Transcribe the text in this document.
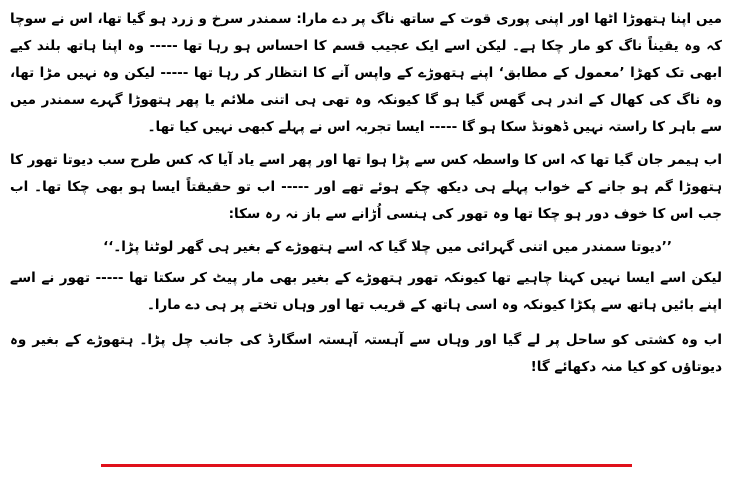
میں اپنا ہتھوڑا اٹھا اور اپنی پوری قوت کے ساتھ ناگ پر دے مارا: سمندر سرخ و زرد ہو گیا تھا، اس نے سوچا کہ وہ یقیناً ناگ کو مار چکا ہے۔ لیکن اسے ایک عجیب قسم کا احساس ہو رہا تھا ----- وہ اپنا ہاتھ بلند کیے ابھی تک کھڑا ’معمول کے مطابق‘ اپنے ہتھوڑے کے واپس آنے کا انتظار کر رہا تھا ----- لیکن وہ نہیں مڑا تھا، وہ ناگ کی کھال کے اندر ہی گھس گیا ہو گا کیونکہ وہ تھی ہی اتنی ملائم یا پھر ہتھوڑا گہرے سمندر میں سے باہر کا راستہ نہیں ڈھونڈ سکا ہو گا ----- ایسا تجربہ اس نے پہلے کبھی نہیں کیا تھا۔

اب ہیمر جان گیا تھا کہ اس کا واسطہ کس سے پڑا ہوا تھا اور پھر اسے یاد آیا کہ کس طرح سب دیوتا تھور کا ہتھوڑا گم ہو جانے کے خواب پہلے ہی دیکھ چکے ہوئے تھے اور ----- اب تو حقیقتاً ایسا ہو بھی چکا تھا۔ اب جب اس کا خوف دور ہو چکا تھا وہ تھور کی ہنسی اُڑانے سے باز نہ رہ سکا:

’’دیوتا سمندر میں اتنی گہرائی میں چلا گیا کہ اسے ہتھوڑے کے بغیر ہی گھر لوٹنا پڑا۔‘‘

لیکن اسے ایسا نہیں کہنا چاہیے تھا کیونکہ تھور ہتھوڑے کے بغیر بھی مار پیٹ کر سکتا تھا ----- تھور نے اسے اپنے بائیں ہاتھ سے پکڑا کیونکہ وہ اسی ہاتھ کے قریب تھا اور وہاں تختے پر ہی دے مارا۔

اب وہ کشتی کو ساحل پر لے گیا اور وہاں سے آہستہ آہستہ اسگارڈ کی جانب چل پڑا۔ ہتھوڑے کے بغیر وہ دیوتاؤں کو کیا منہ دکھائے گا!
